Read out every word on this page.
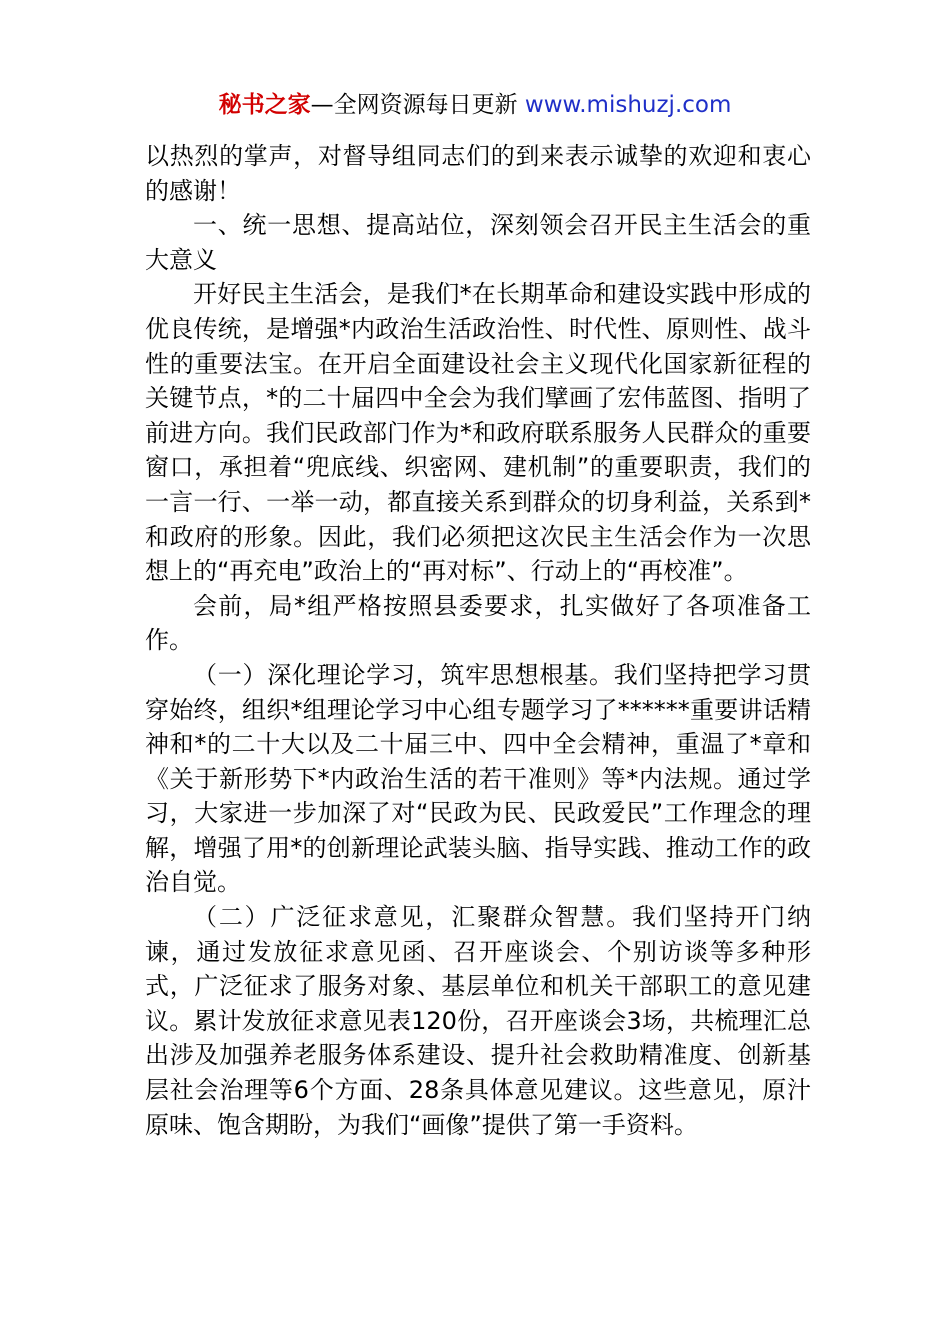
秘书之家—全网资源每日更新 www.mishuzj.com

以热烈的掌声，对督导组同志们的到来表示诚挚的欢迎和衷心的感谢！

一、统一思想、提高站位，深刻领会召开民主生活会的重大意义

开好民主生活会，是我们*在长期革命和建设实践中形成的优良传统，是增强*内政治生活政治性、时代性、原则性、战斗性的重要法宝。在开启全面建设社会主义现代化国家新征程的关键节点，*的二十届四中全会为我们擘画了宏伟蓝图、指明了前进方向。我们民政部门作为*和政府联系服务人民群众的重要窗口，承担着“兜底线、织密网、建机制”的重要职责，我们的一言一行、一举一动，都直接关系到群众的切身利益，关系到*和政府的形象。因此，我们必须把这次民主生活会作为一次思想上的“再充电”政治上的“再对标”、行动上的“再校准”。

会前，局*组严格按照县委要求，扎实做好了各项准备工作。

（一）深化理论学习，筑牢思想根基。我们坚持把学习贯穿始终，组织*组理论学习中心组专题学习了******重要讲话精神和*的二十大以及二十届三中、四中全会精神，重温了*章和《关于新形势下*内政治生活的若干准则》等*内法规。通过学习，大家进一步加深了对“民政为民、民政爱民”工作理念的理解，增强了用*的创新理论武装头脑、指导实践、推动工作的政治自觉。

（二）广泛征求意见，汇聚群众智慧。我们坚持开门纳谏，通过发放征求意见函、召开座谈会、个别访谈等多种形式，广泛征求了服务对象、基层单位和机关干部职工的意见建议。累计发放征求意见表120份，召开座谈会3场，共梳理汇总出涉及加强养老服务体系建设、提升社会救助精准度、创新基层社会治理等6个方面、28条具体意见建议。这些意见，原汁原味、饱含期盼，为我们“画像”提供了第一手资料。
